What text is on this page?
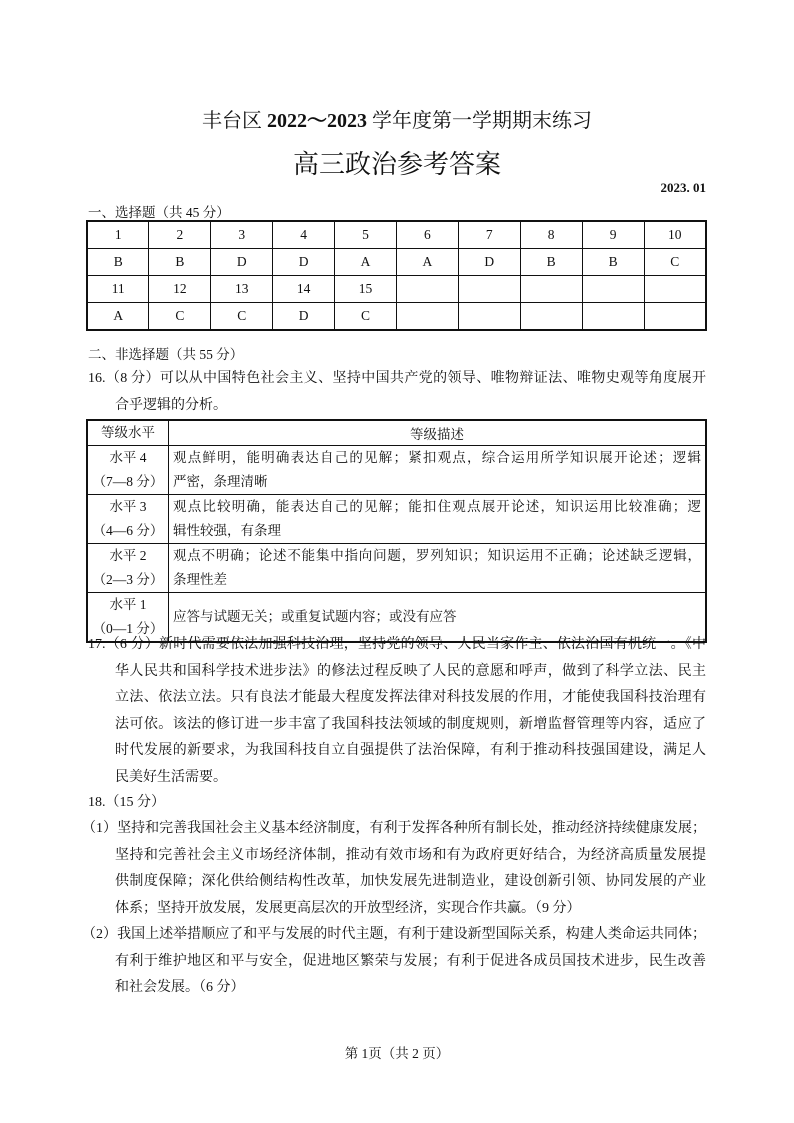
丰台区 2022～2023 学年度第一学期期末练习
高三政治参考答案
2023. 01
一、选择题（共 45 分）
1	2	3	4	5	6	7	8	9	10
B	B	D	D	A	A	D	B	B	C
11	12	13	14	15					
A	C	C	D	C					
二、非选择题（共 55 分）
16.（8 分）可以从中国特色社会主义、坚持中国共产党的领导、唯物辩证法、唯物史观等角度展开
合乎逻辑的分析。
等级水平	等级描述

水平 4
（7—8 分）	观点鲜明，能明确表达自己的见解；紧扣观点，综合运用所学知识展开论述；逻辑
严密，条理清晰

水平 3
（4—6 分）	观点比较明确，能表达自己的见解；能扣住观点展开论述，知识运用比较准确；逻
辑性较强，有条理

水平 2
（2—3 分）	观点不明确；论述不能集中指向问题，罗列知识；知识运用不正确；论述缺乏逻辑，
条理性差

水平 1
（0—1 分）	应答与试题无关；或重复试题内容；或没有应答
17.（6 分）新时代需要依法加强科技治理，坚持党的领导、人民当家作主、依法治国有机统一。《中
华人民共和国科学技术进步法》的修法过程反映了人民的意愿和呼声，做到了科学立法、民主
立法、依法立法。只有良法才能最大程度发挥法律对科技发展的作用，才能使我国科技治理有
法可依。该法的修订进一步丰富了我国科技法领域的制度规则，新增监督管理等内容，适应了
时代发展的新要求，为我国科技自立自强提供了法治保障，有利于推动科技强国建设，满足人
民美好生活需要。
18.（15 分）
（1）坚持和完善我国社会主义基本经济制度，有利于发挥各种所有制长处，推动经济持续健康发展；
坚持和完善社会主义市场经济体制，推动有效市场和有为政府更好结合，为经济高质量发展提
供制度保障；深化供给侧结构性改革，加快发展先进制造业，建设创新引领、协同发展的产业
体系；坚持开放发展，发展更高层次的开放型经济，实现合作共赢。（9 分）
第 1页（共 2 页）
（2）我国上述举措顺应了和平与发展的时代主题，有利于建设新型国际关系，构建人类命运共同体；
有利于维护地区和平与安全，促进地区繁荣与发展；有利于促进各成员国技术进步，民生改善
和社会发展。（6 分）
